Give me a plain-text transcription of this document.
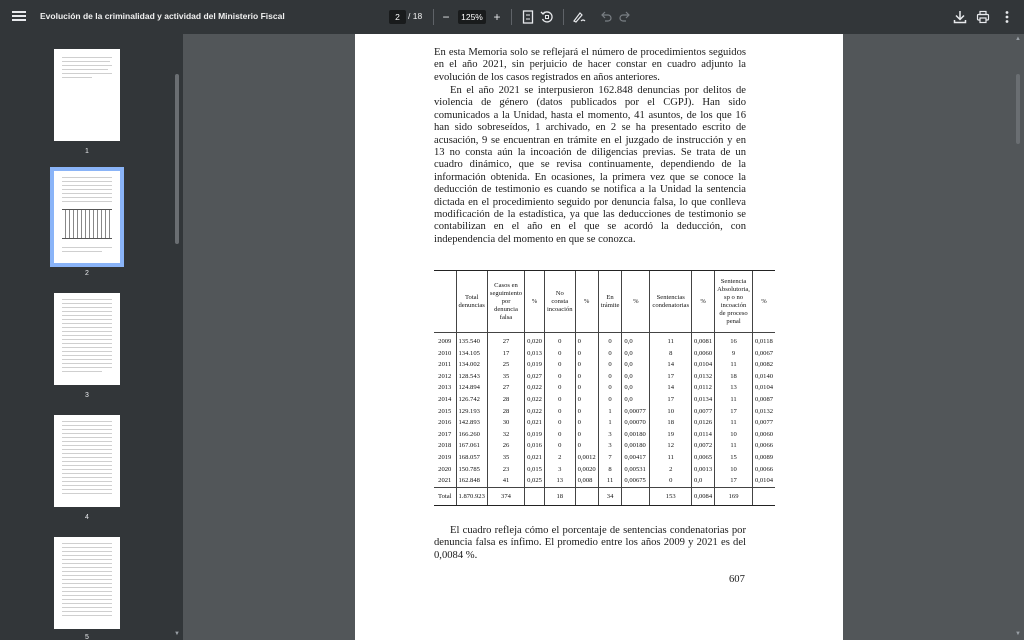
Evolución de la criminalidad y actividad del Ministerio Fiscal	2 / 18	−	125% +
1
2
3
4
5	▼

En esta Memoria solo se reflejará el número de procedimientos seguidos en el año 2021, sin perjuicio de hacer constar en cuadro adjunto la evolución de los casos registrados en años anteriores.

En el año 2021 se interpusieron 162.848 denuncias por delitos de violencia de género (datos publicados por el CGPJ). Han sido comunicados a la Unidad, hasta el momento, 41 asuntos, de los que 16 han sido sobreseídos, 1 archivado, en 2 se ha presentado escrito de acusación, 9 se encuentran en trámite en el juzgado de instrucción y en 13 no consta aún la incoación de diligencias previas. Se trata de un cuadro dinámico, que se revisa continuamente, dependiendo de la información obtenida. En ocasiones, la primera vez que se conoce la deducción de testimonio es cuando se notifica a la Unidad la sentencia dictada en el procedimiento seguido por denuncia falsa, lo que conlleva modificación de la estadística, ya que las deducciones de testimonio se contabilizan en el año en el que se acordó la deducción, con independencia del momento en que se conozca.

	Total denuncias	Casos en seguimiento por denuncia falsa	%	No consta incoación	%	En trámite	%	Sentencias condenatorias	%	Sentencia Absolutoria, sp o no incoación de proceso penal	%
2009	135.540	27	0,020	0	0	0	0,0	11	0,0081	16	0,0118
2010	134.105	17	0,013	0	0	0	0,0	8	0,0060	9	0,0067
2011	134.002	25	0,019	0	0	0	0,0	14	0,0104	11	0,0082
2012	128.543	35	0,027	0	0	0	0,0	17	0,0132	18	0,0140
2013	124.894	27	0,022	0	0	0	0,0	14	0,0112	13	0,0104
2014	126.742	28	0,022	0	0	0	0,0	17	0,0134	11	0,0087
2015	129.193	28	0,022	0	0	1	0,00077	10	0,0077	17	0,0132
2016	142.893	30	0,021	0	0	1	0,00070	18	0,0126	11	0,0077
2017	166.260	32	0,019	0	0	3	0,00180	19	0,0114	10	0,0060
2018	167.061	26	0,016	0	0	3	0,00180	12	0,0072	11	0,0066
2019	168.057	35	0,021	2	0,0012	7	0,00417	11	0,0065	15	0,0089
2020	150.785	23	0,015	3	0,0020	8	0,00531	2	0,0013	10	0,0066
2021	162.848	41	0,025	13	0,008	11	0,00675	0	0,0	17	0,0104
Total	1.870.923	374		18		34		153	0,0084	169	

El cuadro refleja cómo el porcentaje de sentencias condenatorias por denuncia falsa es ínfimo. El promedio entre los años 2009 y 2021 es del 0,0084 %.

607
▲
▼
